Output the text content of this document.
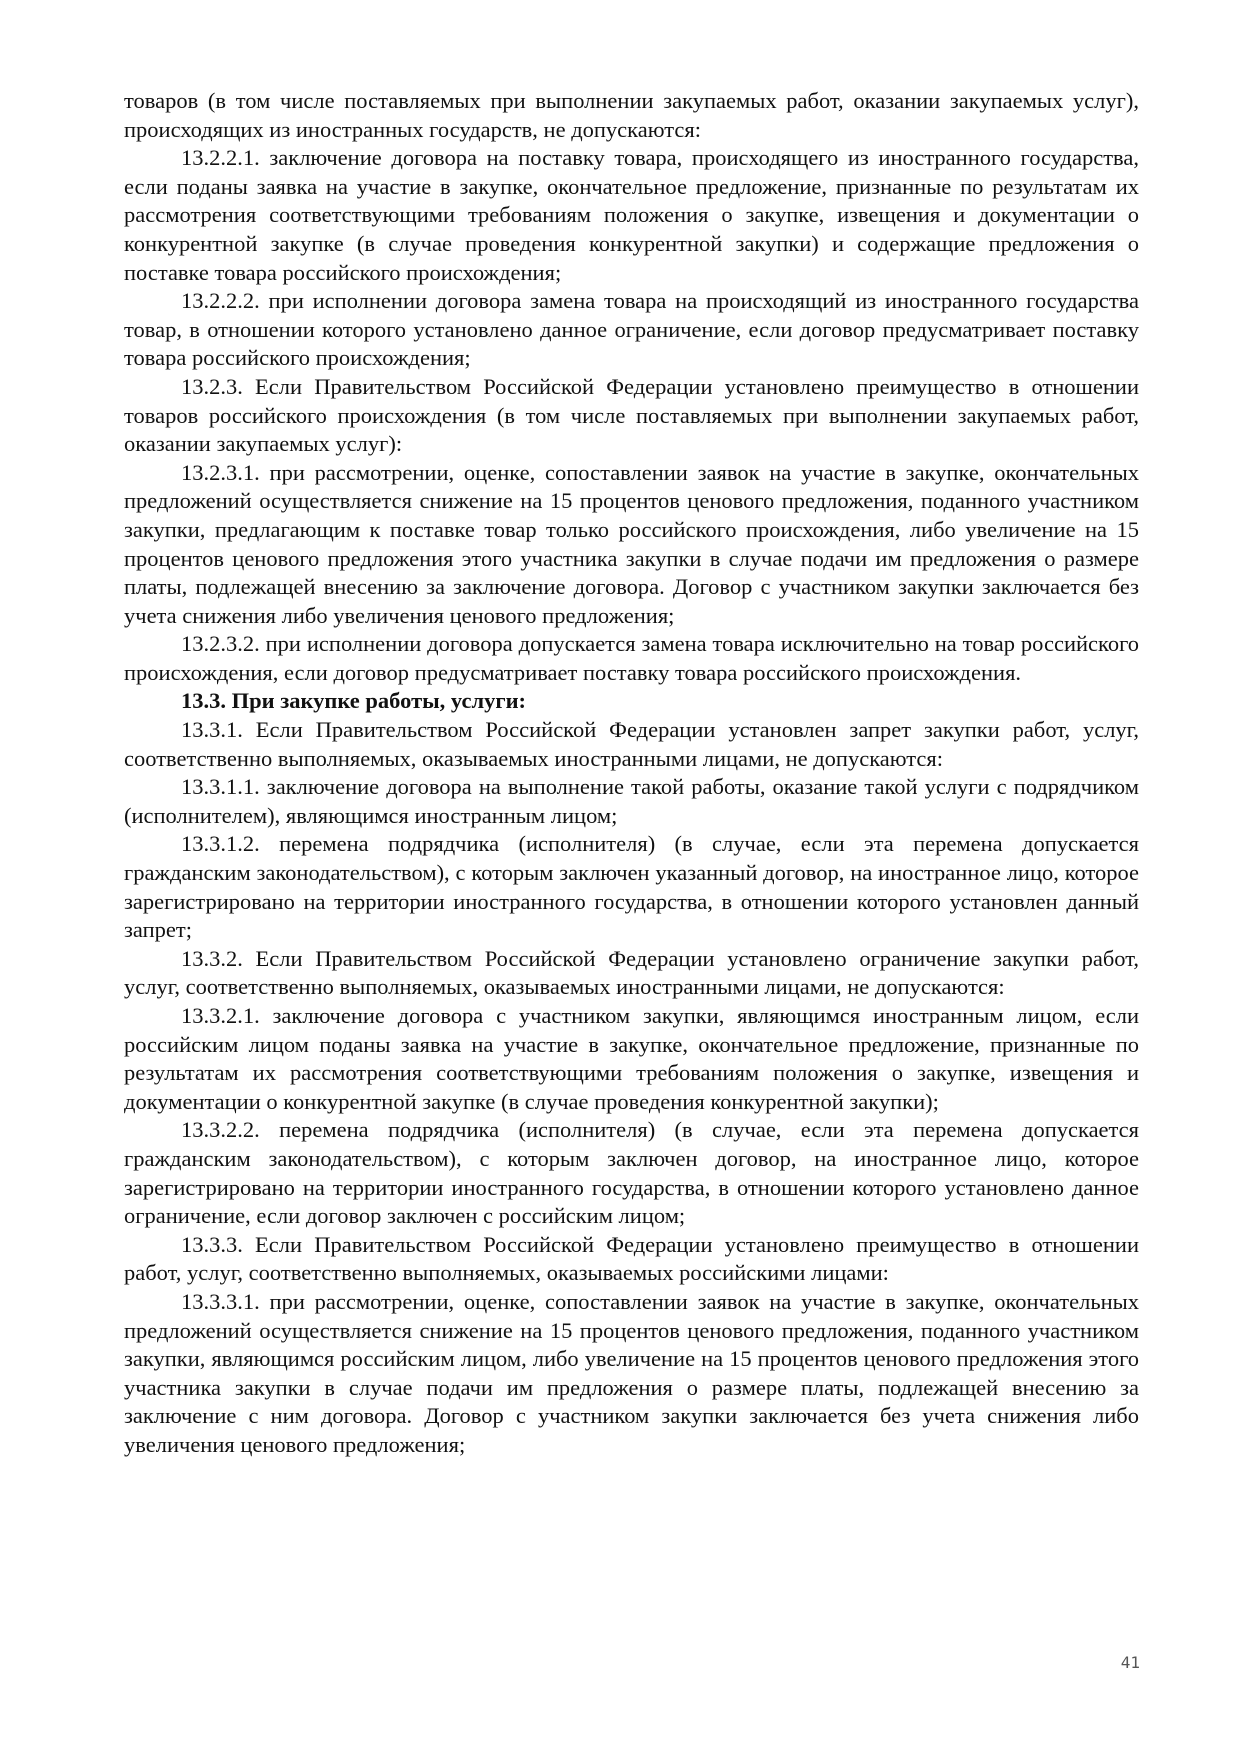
товаров (в том числе поставляемых при выполнении закупаемых работ, оказании закупаемых услуг), происходящих из иностранных государств, не допускаются:

13.2.2.1. заключение договора на поставку товара, происходящего из иностранного государства, если поданы заявка на участие в закупке, окончательное предложение, признанные по результатам их рассмотрения соответствующими требованиям положения о закупке, извещения и документации о конкурентной закупке (в случае проведения конкурентной закупки) и содержащие предложения о поставке товара российского происхождения;

13.2.2.2. при исполнении договора замена товара на происходящий из иностранного государства товар, в отношении которого установлено данное ограничение, если договор предусматривает поставку товара российского происхождения;

13.2.3. Если Правительством Российской Федерации установлено преимущество в отношении товаров российского происхождения (в том числе поставляемых при выполнении закупаемых работ, оказании закупаемых услуг):

13.2.3.1. при рассмотрении, оценке, сопоставлении заявок на участие в закупке, окончательных предложений осуществляется снижение на 15 процентов ценового предложения, поданного участником закупки, предлагающим к поставке товар только российского происхождения, либо увеличение на 15 процентов ценового предложения этого участника закупки в случае подачи им предложения о размере платы, подлежащей внесению за заключение договора. Договор с участником закупки заключается без учета снижения либо увеличения ценового предложения;

13.2.3.2. при исполнении договора допускается замена товара исключительно на товар российского происхождения, если договор предусматривает поставку товара российского происхождения.

13.3. При закупке работы, услуги:

13.3.1. Если Правительством Российской Федерации установлен запрет закупки работ, услуг, соответственно выполняемых, оказываемых иностранными лицами, не допускаются:

13.3.1.1. заключение договора на выполнение такой работы, оказание такой услуги с подрядчиком (исполнителем), являющимся иностранным лицом;

13.3.1.2. перемена подрядчика (исполнителя) (в случае, если эта перемена допускается гражданским законодательством), с которым заключен указанный договор, на иностранное лицо, которое зарегистрировано на территории иностранного государства, в отношении которого установлен данный запрет;

13.3.2. Если Правительством Российской Федерации установлено ограничение закупки работ, услуг, соответственно выполняемых, оказываемых иностранными лицами, не допускаются:

13.3.2.1. заключение договора с участником закупки, являющимся иностранным лицом, если российским лицом поданы заявка на участие в закупке, окончательное предложение, признанные по результатам их рассмотрения соответствующими требованиям положения о закупке, извещения и документации о конкурентной закупке (в случае проведения конкурентной закупки);

13.3.2.2. перемена подрядчика (исполнителя) (в случае, если эта перемена допускается гражданским законодательством), с которым заключен договор, на иностранное лицо, которое зарегистрировано на территории иностранного государства, в отношении которого установлено данное ограничение, если договор заключен с российским лицом;

13.3.3. Если Правительством Российской Федерации установлено преимущество в отношении работ, услуг, соответственно выполняемых, оказываемых российскими лицами:

13.3.3.1. при рассмотрении, оценке, сопоставлении заявок на участие в закупке, окончательных предложений осуществляется снижение на 15 процентов ценового предложения, поданного участником закупки, являющимся российским лицом, либо увеличение на 15 процентов ценового предложения этого участника закупки в случае подачи им предложения о размере платы, подлежащей внесению за заключение с ним договора. Договор с участником закупки заключается без учета снижения либо увеличения ценового предложения;

41
